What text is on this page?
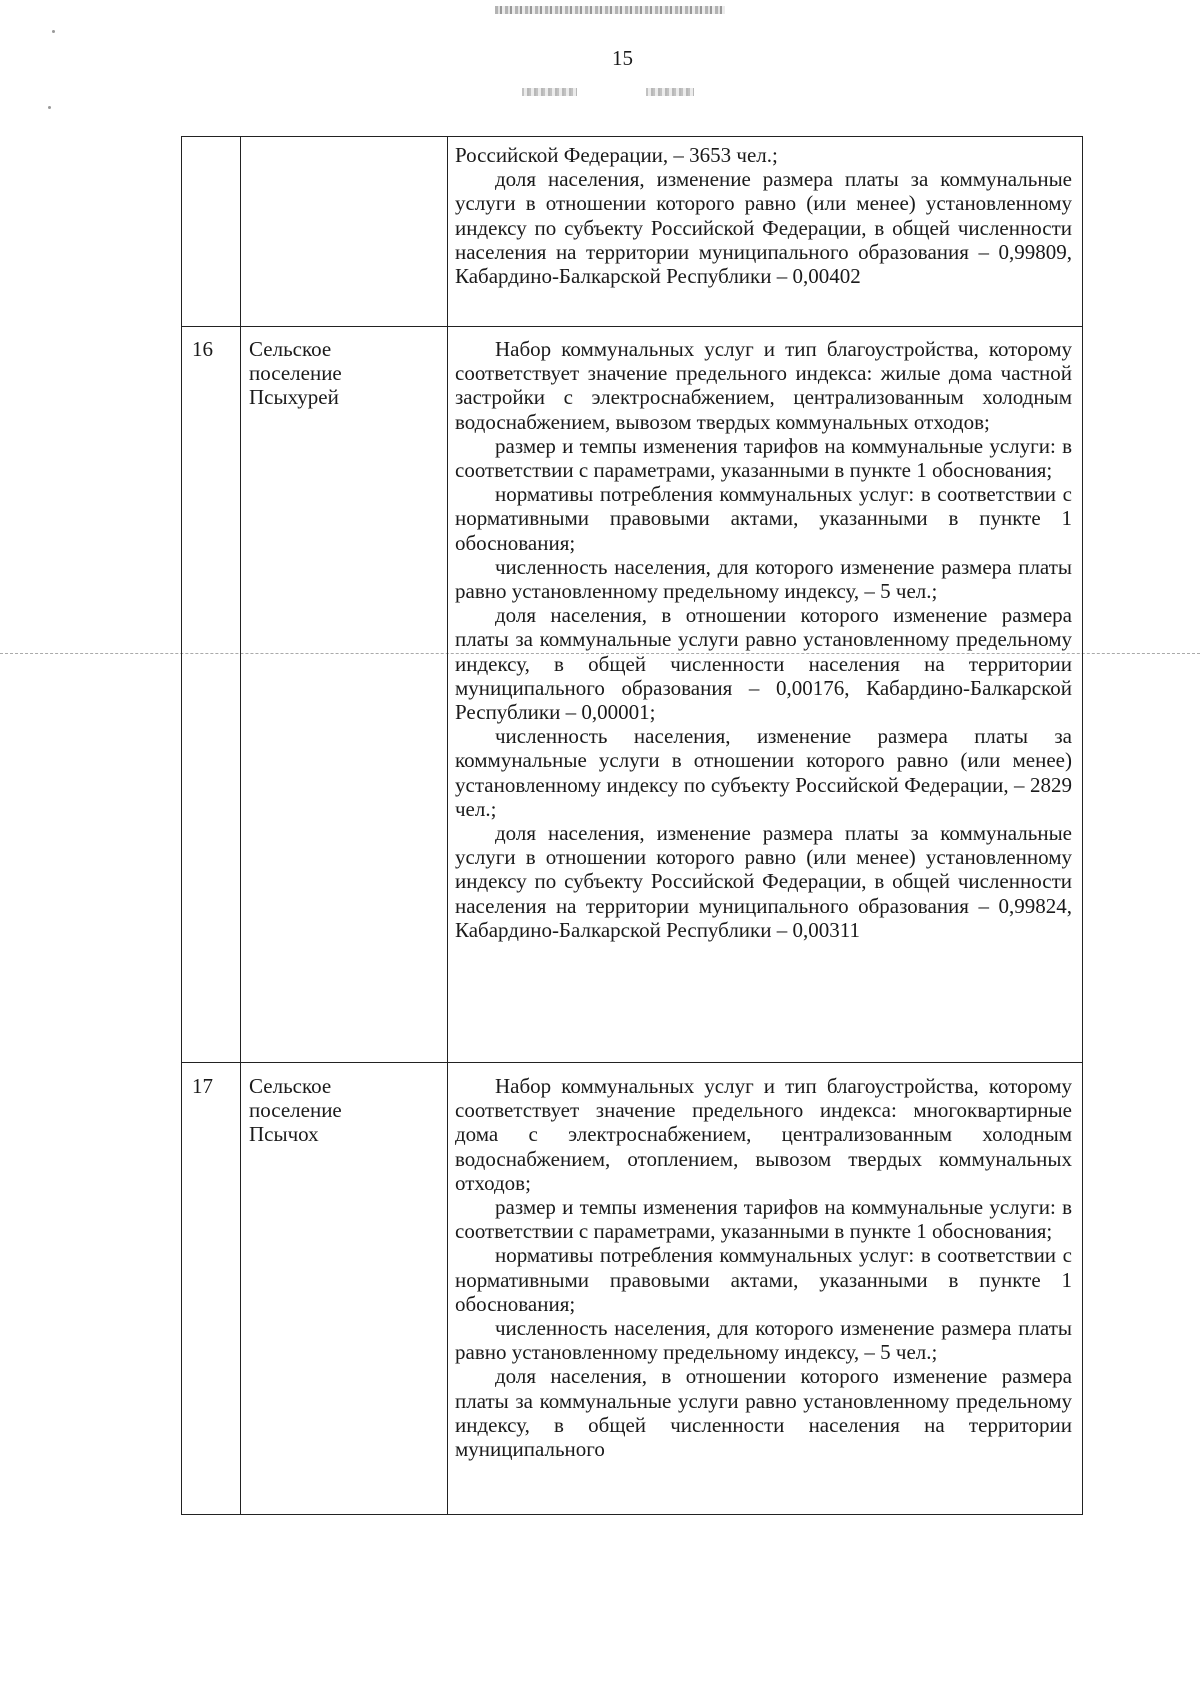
15

Российской Федерации, – 3653 чел.;

доля населения, изменение размера платы за коммунальные услуги в отношении которого равно (или менее) установленному индексу по субъекту Российской Федерации, в общей численности населения на территории муниципального образования – 0,99809, Кабардино-Балкарской Республики – 0,00402

16 Сельское поселение Псыхурей

Набор коммунальных услуг и тип благоустройства, которому соответствует значение предельного индекса: жилые дома частной застройки с электроснабжением, централизованным холодным водоснабжением, вывозом твердых коммунальных отходов;

размер и темпы изменения тарифов на коммунальные услуги: в соответствии с параметрами, указанными в пункте 1 обоснования;

нормативы потребления коммунальных услуг: в соответствии с нормативными правовыми актами, указанными в пункте 1 обоснования;

численность населения, для которого изменение размера платы равно установленному предельному индексу, – 5 чел.;

доля населения, в отношении которого изменение размера платы за коммунальные услуги равно установленному предельному индексу, в общей численности населения на территории муниципального образования – 0,00176, Кабардино-Балкарской Республики – 0,00001;

численность населения, изменение размера платы за коммунальные услуги в отношении которого равно (или менее) установленному индексу по субъекту Российской Федерации, – 2829 чел.;

доля населения, изменение размера платы за коммунальные услуги в отношении которого равно (или менее) установленному индексу по субъекту Российской Федерации, в общей численности населения на территории муниципального образования – 0,99824, Кабардино-Балкарской Республики – 0,00311

17 Сельское поселение Псычох

Набор коммунальных услуг и тип благоустройства, которому соответствует значение предельного индекса: многоквартирные дома с электроснабжением, централизованным холодным водоснабжением, отоплением, вывозом твердых коммунальных отходов;

размер и темпы изменения тарифов на коммунальные услуги: в соответствии с параметрами, указанными в пункте 1 обоснования;

нормативы потребления коммунальных услуг: в соответствии с нормативными правовыми актами, указанными в пункте 1 обоснования;

численность населения, для которого изменение размера платы равно установленному предельному индексу, – 5 чел.;

доля населения, в отношении которого изменение размера платы за коммунальные услуги равно установленному предельному индексу, в общей численности населения на территории муниципального
